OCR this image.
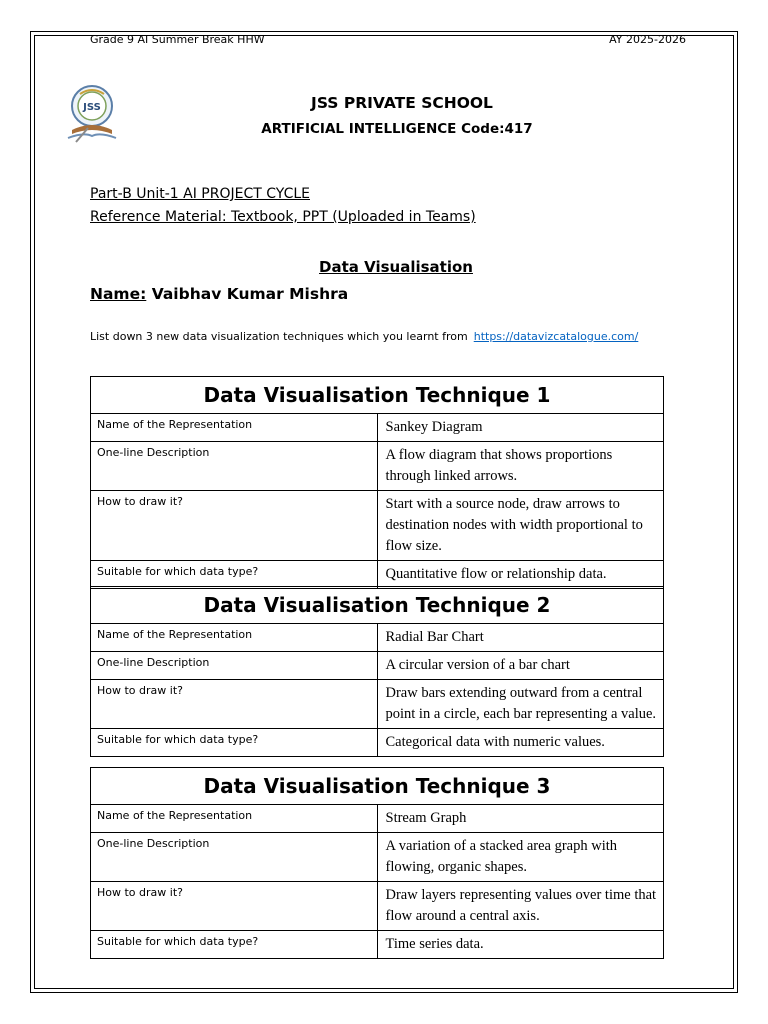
Grade 9 AI Summer Break HHW	AY 2025-2026
JSS	JSS PRIVATE SCHOOL
ARTIFICIAL INTELLIGENCE Code:417
Part-B Unit-1 AI PROJECT CYCLE
Reference Material: Textbook, PPT (Uploaded in Teams)
Data Visualisation
Name: Vaibhav Kumar Mishra
List down 3 new data visualization techniques which you learnt from https://datavizcatalogue.com/
Data Visualisation Technique 1	
Name of the Representation	Sankey Diagram
One-line Description	A flow diagram that shows proportions through linked arrows.
How to draw it?	Start with a source node, draw arrows to destination nodes with width proportional to flow size.
Suitable for which data type?	Quantitative flow or relationship data.
Data Visualisation Technique 2	
Name of the Representation	Radial Bar Chart
One-line Description	A circular version of a bar chart
How to draw it?	Draw bars extending outward from a central point in a circle, each bar representing a value.
Suitable for which data type?	Categorical data with numeric values.
Data Visualisation Technique 3	
Name of the Representation	Stream Graph
One-line Description	A variation of a stacked area graph with flowing, organic shapes.
How to draw it?	Draw layers representing values over time that flow around a central axis.
Suitable for which data type?	Time series data.
